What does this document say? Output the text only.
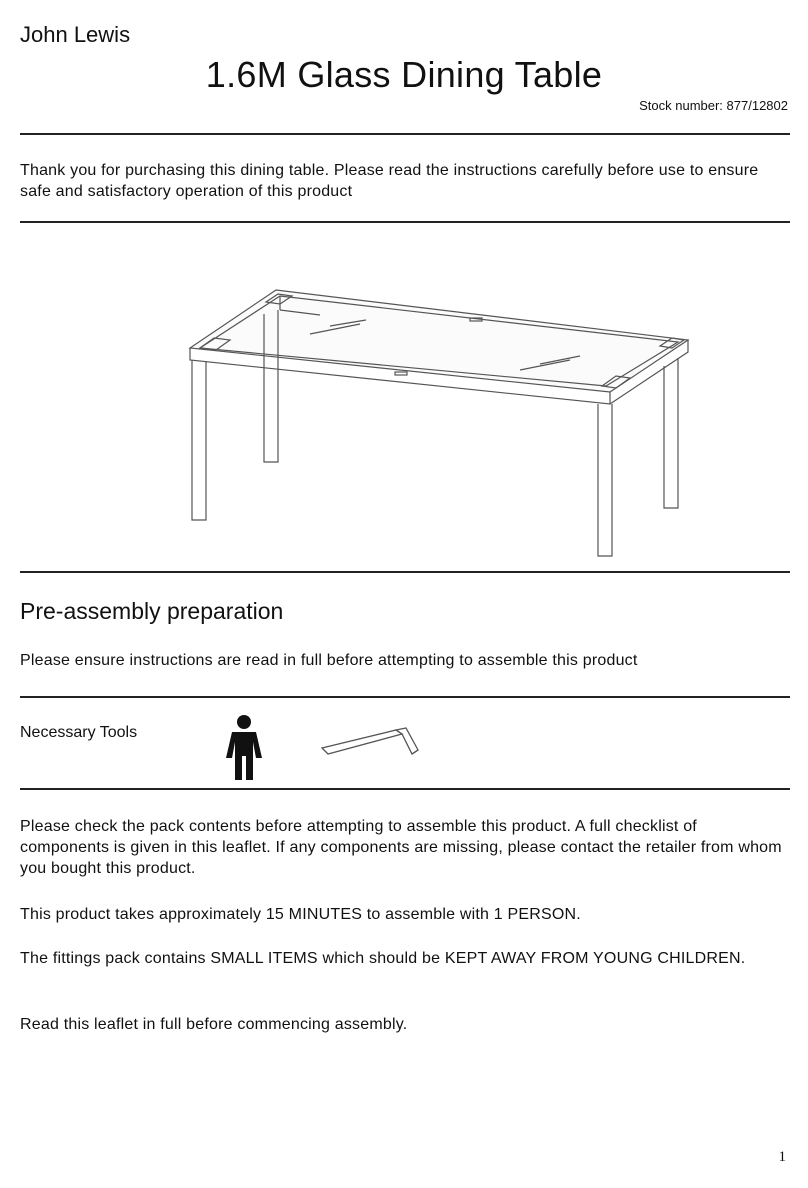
John Lewis
1.6M Glass Dining Table
Stock number: 877/12802
Thank you for purchasing this dining table. Please read the instructions carefully before use to ensure safe and satisfactory operation of this product
Pre-assembly preparation
Please ensure instructions are read in full before attempting to assemble this product
Necessary Tools
Please check the pack contents before attempting to assemble this product. A full checklist of components is given in this leaflet. If any components are missing, please contact the retailer from whom you bought this product.
This product takes approximately 15 MINUTES to assemble with 1 PERSON.
The fittings pack contains SMALL ITEMS which should be KEPT AWAY FROM YOUNG CHILDREN.
Read this leaflet in full before commencing assembly.
1
